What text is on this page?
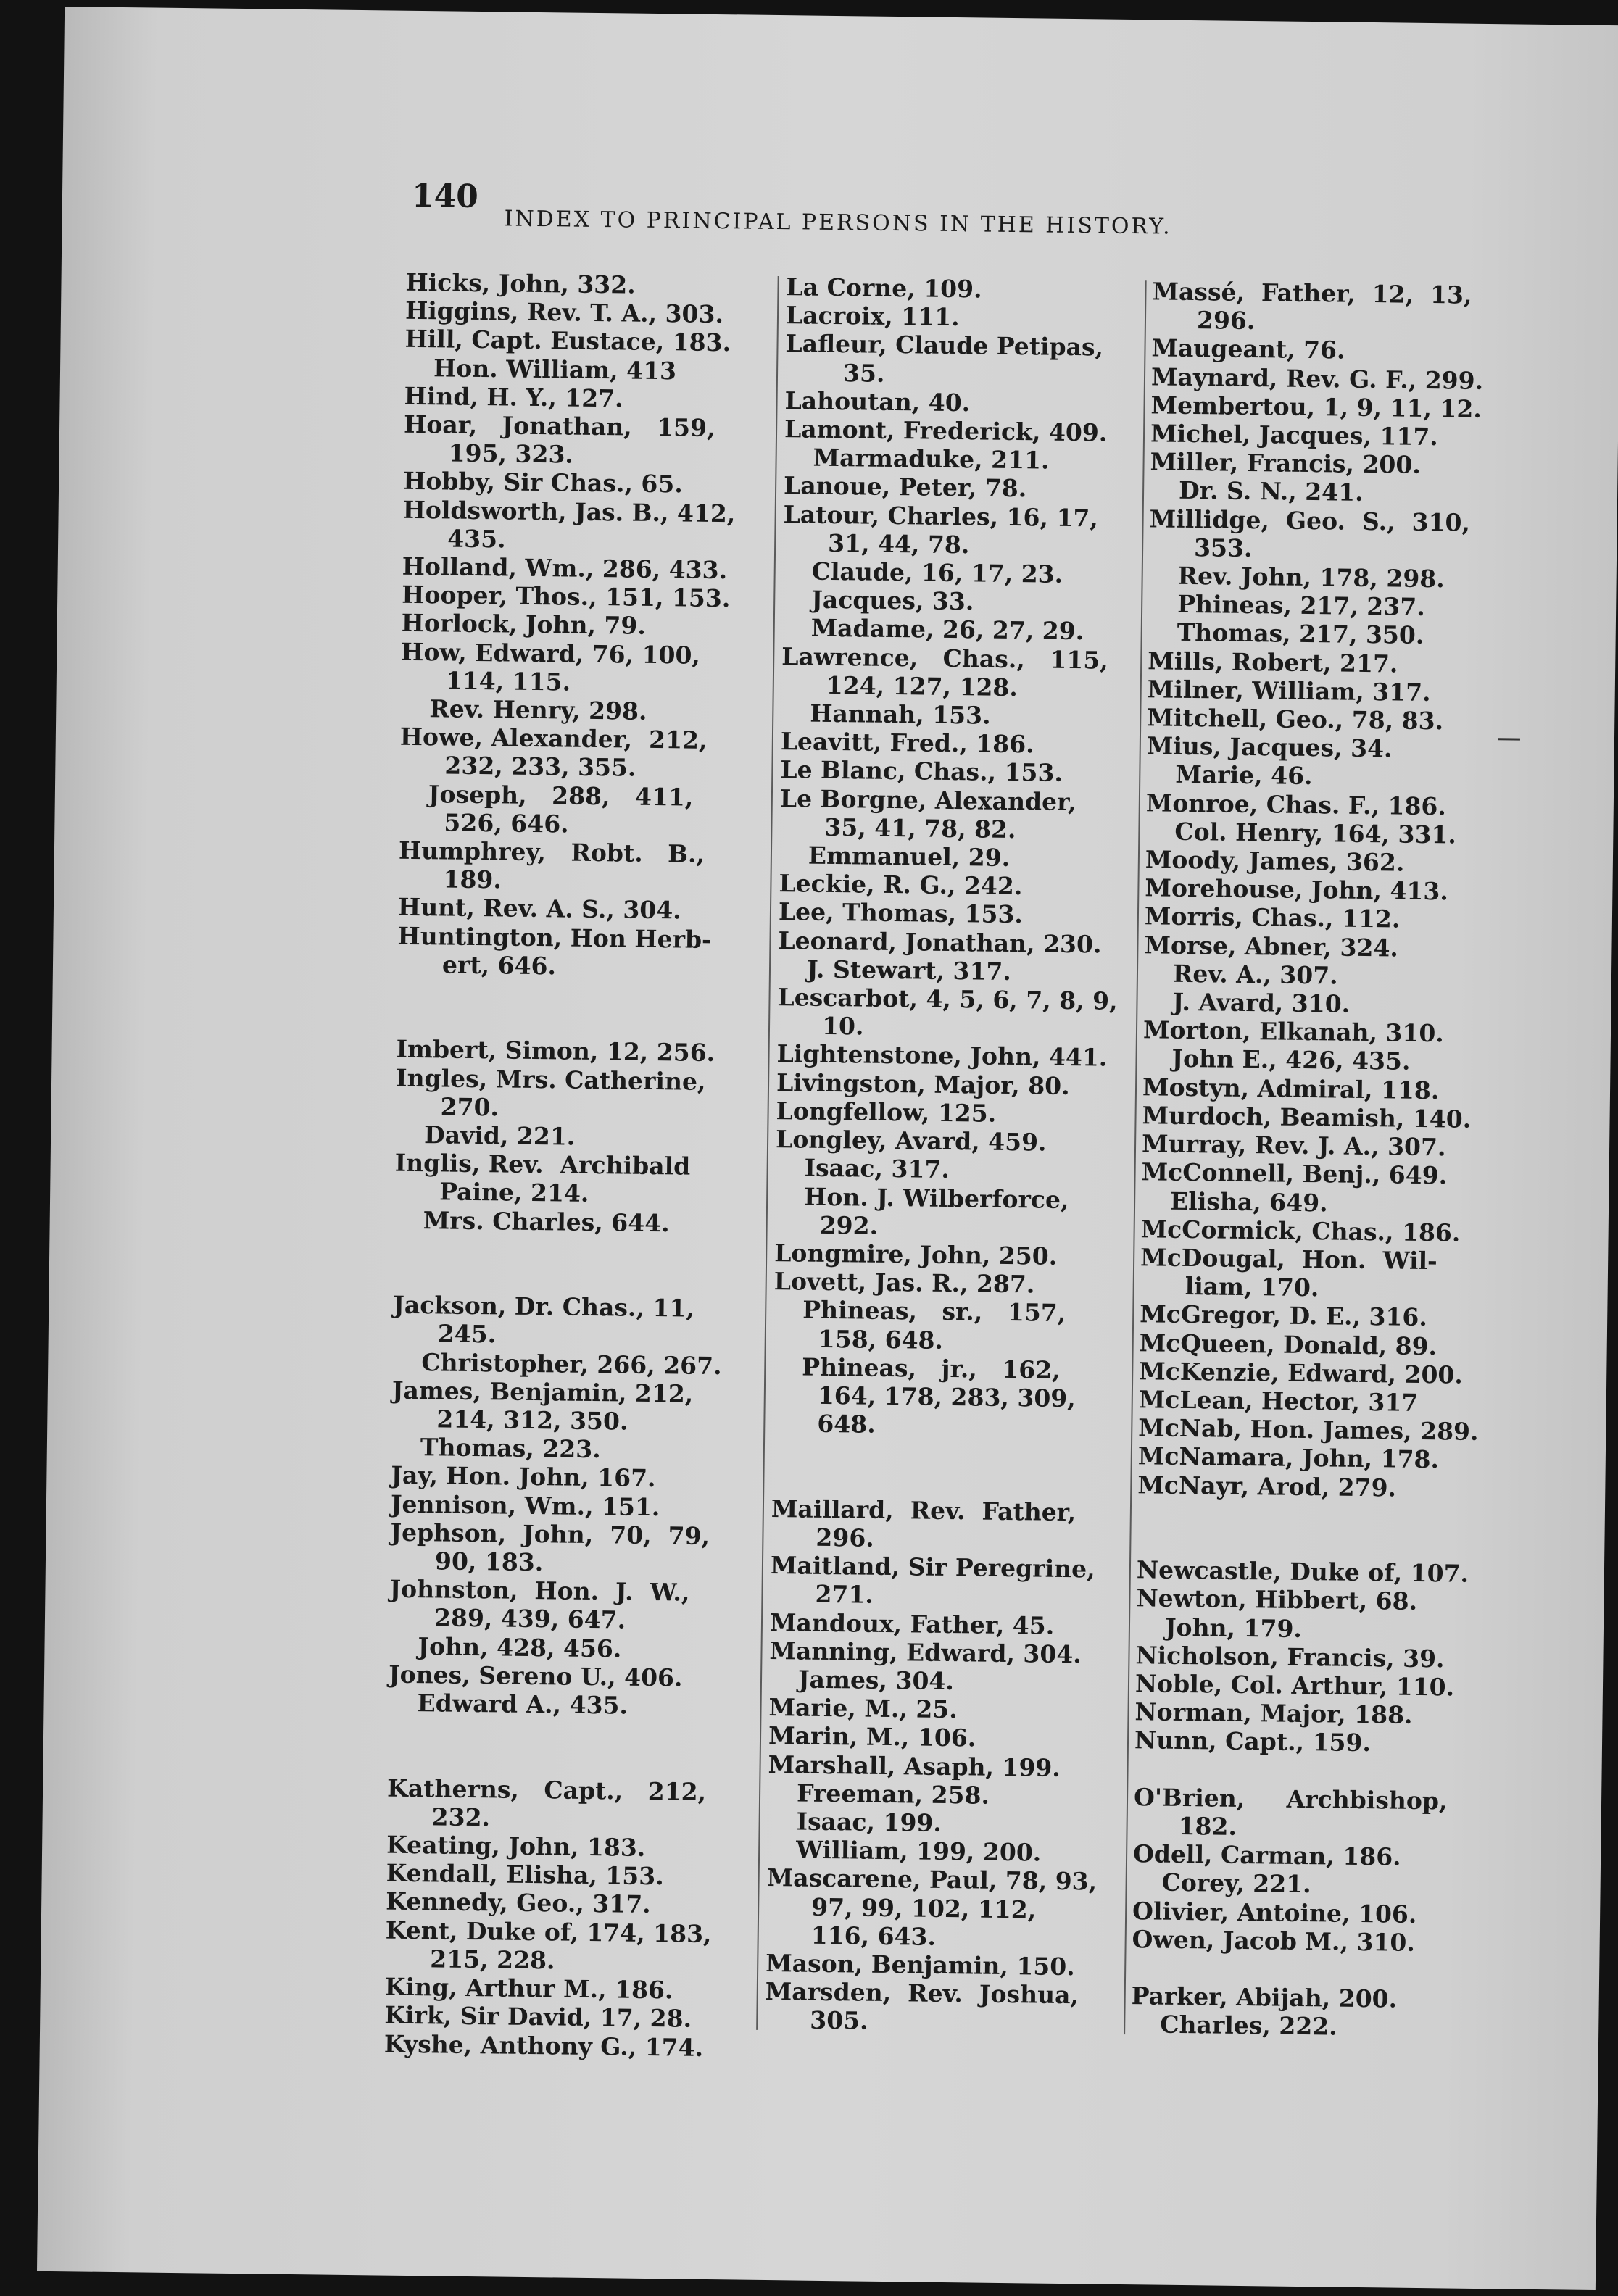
140
INDEX TO PRINCIPAL PERSONS IN THE HISTORY.
Hicks, John, 332.
Higgins, Rev. T. A., 303.
Hill, Capt. Eustace, 183.
Hon. William, 413
Hind, H. Y., 127.
Hoar,   Jonathan,   159,
195, 323.
Hobby, Sir Chas., 65.
Holdsworth, Jas. B., 412,
435.
Holland, Wm., 286, 433.
Hooper, Thos., 151, 153.
Horlock, John, 79.
How, Edward, 76, 100,
114, 115.
Rev. Henry, 298.
Howe, Alexander,  212,
232, 233, 355.
Joseph,   288,   411,
526, 646.
Humphrey,   Robt.   B.,
189.
Hunt, Rev. A. S., 304.
Huntington, Hon Herb-
ert, 646.
Imbert, Simon, 12, 256.
Ingles, Mrs. Catherine,
270.
David, 221.
Inglis, Rev.  Archibald
Paine, 214.
Mrs. Charles, 644.
Jackson, Dr. Chas., 11,
245.
Christopher, 266, 267.
James, Benjamin, 212,
214, 312, 350.
Thomas, 223.
Jay, Hon. John, 167.
Jennison, Wm., 151.
Jephson,  John,  70,  79,
90, 183.
Johnston,  Hon.  J.  W.,
289, 439, 647.
John, 428, 456.
Jones, Sereno U., 406.
Edward A., 435.
Katherns,   Capt.,   212,
232.
Keating, John, 183.
Kendall, Elisha, 153.
Kennedy, Geo., 317.
Kent, Duke of, 174, 183,
215, 228.
King, Arthur M., 186.
Kirk, Sir David, 17, 28.
Kyshe, Anthony G., 174.
La Corne, 109.
Lacroix, 111.
Lafleur, Claude Petipas,
35.
Lahoutan, 40.
Lamont, Frederick, 409.
Marmaduke, 211.
Lanoue, Peter, 78.
Latour, Charles, 16, 17,
31, 44, 78.
Claude, 16, 17, 23.
Jacques, 33.
Madame, 26, 27, 29.
Lawrence,   Chas.,   115,
124, 127, 128.
Hannah, 153.
Leavitt, Fred., 186.
Le Blanc, Chas., 153.
Le Borgne, Alexander,
35, 41, 78, 82.
Emmanuel, 29.
Leckie, R. G., 242.
Lee, Thomas, 153.
Leonard, Jonathan, 230.
J. Stewart, 317.
Lescarbot, 4, 5, 6, 7, 8, 9,
10.
Lightenstone, John, 441.
Livingston, Major, 80.
Longfellow, 125.
Longley, Avard, 459.
Isaac, 317.
Hon. J. Wilberforce,
292.
Longmire, John, 250.
Lovett, Jas. R., 287.
Phineas,   sr.,   157,
158, 648.
Phineas,   jr.,   162,
164, 178, 283, 309,
648.
Maillard,  Rev.  Father,
296.
Maitland, Sir Peregrine,
271.
Mandoux, Father, 45.
Manning, Edward, 304.
James, 304.
Marie, M., 25.
Marin, M., 106.
Marshall, Asaph, 199.
Freeman, 258.
Isaac, 199.
William, 199, 200.
Mascarene, Paul, 78, 93,
97, 99, 102, 112,
116, 643.
Mason, Benjamin, 150.
Marsden,  Rev.  Joshua,
305.
Massé,  Father,  12,  13,
296.
Maugeant, 76.
Maynard, Rev. G. F., 299.
Membertou, 1, 9, 11, 12.
Michel, Jacques, 117.
Miller, Francis, 200.
Dr. S. N., 241.
Millidge,  Geo.  S.,  310,
353.
Rev. John, 178, 298.
Phineas, 217, 237.
Thomas, 217, 350.
Mills, Robert, 217.
Milner, William, 317.
Mitchell, Geo., 78, 83.
Mius, Jacques, 34.
Marie, 46.
Monroe, Chas. F., 186.
Col. Henry, 164, 331.
Moody, James, 362.
Morehouse, John, 413.
Morris, Chas., 112.
Morse, Abner, 324.
Rev. A., 307.
J. Avard, 310.
Morton, Elkanah, 310.
John E., 426, 435.
Mostyn, Admiral, 118.
Murdoch, Beamish, 140.
Murray, Rev. J. A., 307.
McConnell, Benj., 649.
Elisha, 649.
McCormick, Chas., 186.
McDougal,  Hon.  Wil-
liam, 170.
McGregor, D. E., 316.
McQueen, Donald, 89.
McKenzie, Edward, 200.
McLean, Hector, 317
McNab, Hon. James, 289.
McNamara, John, 178.
McNayr, Arod, 279.
Newcastle, Duke of, 107.
Newton, Hibbert, 68.
John, 179.
Nicholson, Francis, 39.
Noble, Col. Arthur, 110.
Norman, Major, 188.
Nunn, Capt., 159.
O'Brien,     Archbishop,
182.
Odell, Carman, 186.
Corey, 221.
Olivier, Antoine, 106.
Owen, Jacob M., 310.
Parker, Abijah, 200.
Charles, 222.
